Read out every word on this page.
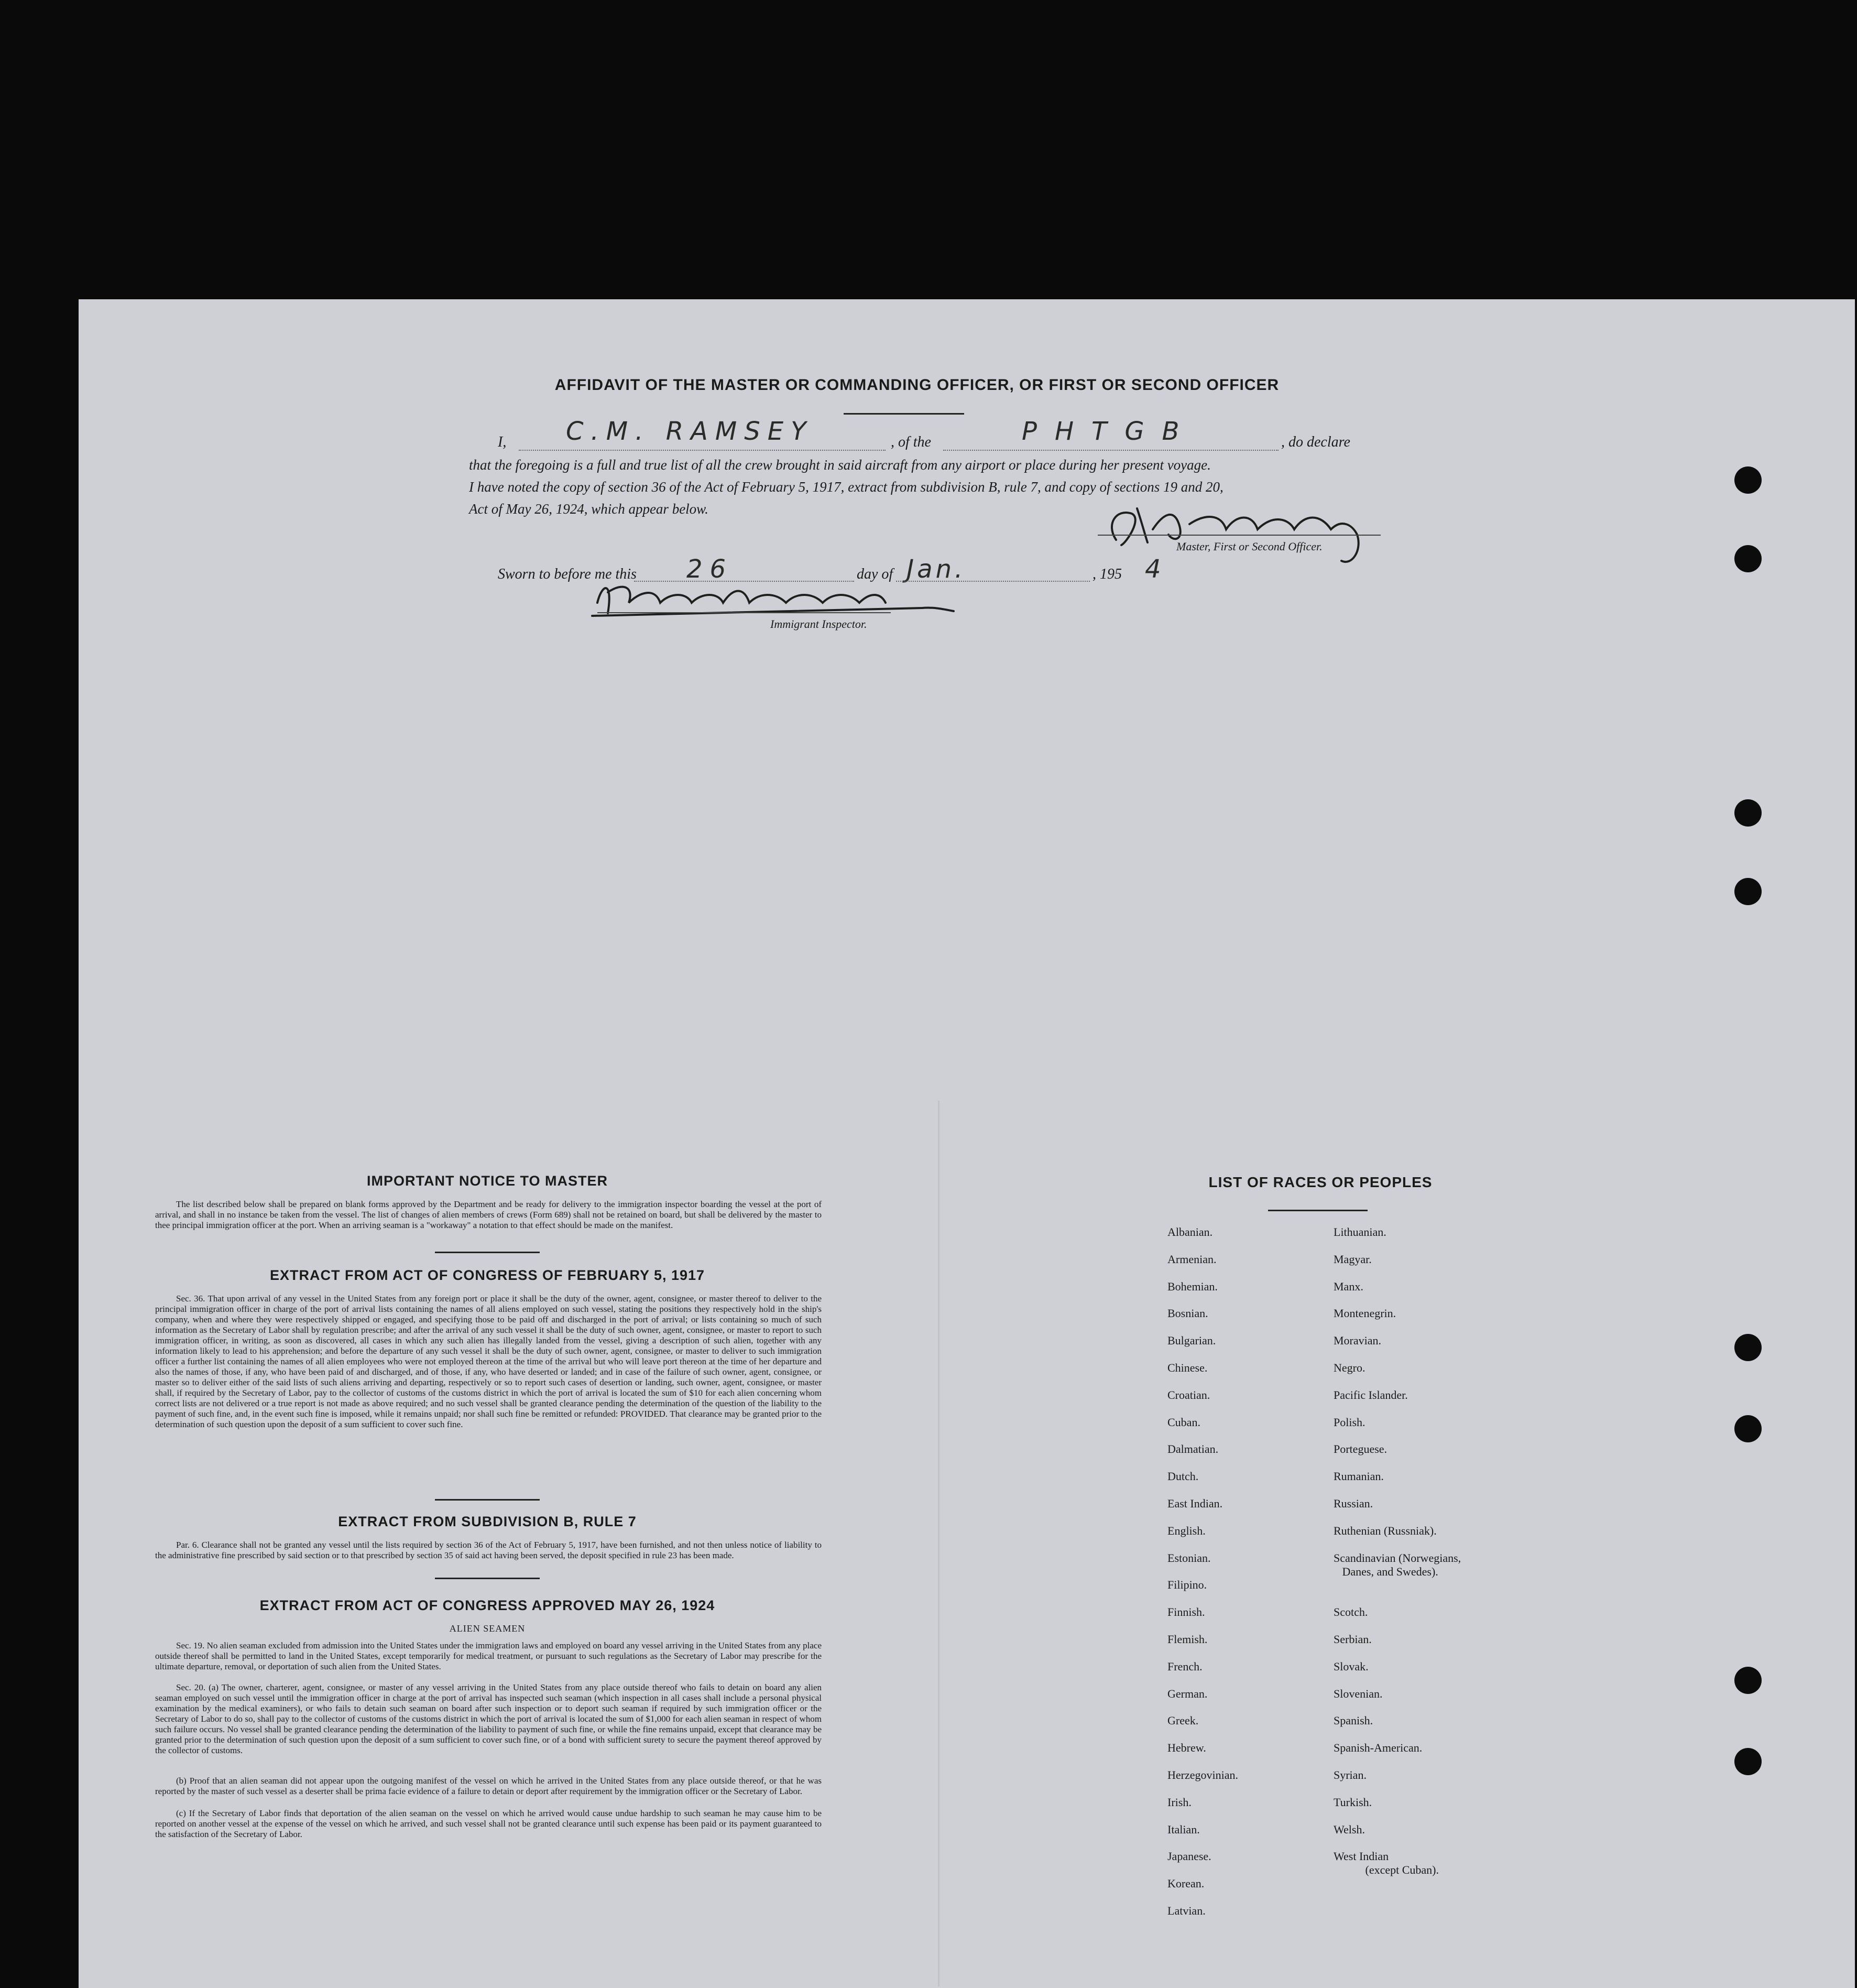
AFFIDAVIT OF THE MASTER OR COMMANDING OFFICER, OR FIRST OR SECOND OFFICER
I, C.M. RAMSEY	, of the	PHTGB	, do declare
that the foregoing is a full and true list of all the crew brought in said aircraft from any airport or place during her present voyage.
I have noted the copy of section 36 of the Act of February 5, 1917, extract from subdivision B, rule 7, and copy of sections 19 and 20,
Act of May 26, 1924, which appear below.
Master, First or Second Officer.
Sworn to before me this 26	day of Jan.	, 195 4
Immigrant Inspector.
IMPORTANT NOTICE TO MASTER
The list described below shall be prepared on blank forms approved by the Department and be ready for delivery to the immigration inspector boarding the vessel at the port of arrival, and shall in no instance be taken from the vessel. The list of changes of alien members of crews (Form 689) shall not be retained on board, but shall be delivered by the master to thee principal immigration officer at the port. When an arriving seaman is a "workaway" a notation to that effect should be made on the manifest.
EXTRACT FROM ACT OF CONGRESS OF FEBRUARY 5, 1917
Sec. 36. That upon arrival of any vessel in the United States from any foreign port or place it shall be the duty of the owner, agent, consignee, or master thereof to deliver to the principal immigration officer in charge of the port of arrival lists containing the names of all aliens employed on such vessel, stating the positions they respectively hold in the ship's company, when and where they were respectively shipped or engaged, and specifying those to be paid off and discharged in the port of arrival; or lists containing so much of such information as the Secretary of Labor shall by regulation prescribe; and after the arrival of any such vessel it shall be the duty of such owner, agent, consignee, or master to report to such immigration officer, in writing, as soon as discovered, all cases in which any such alien has illegally landed from the vessel, giving a description of such alien, together with any information likely to lead to his apprehension; and before the departure of any such vessel it shall be the duty of such owner, agent, consignee, or master to deliver to such immigration officer a further list containing the names of all alien employees who were not employed thereon at the time of the arrival but who will leave port thereon at the time of her departure and also the names of those, if any, who have been paid of and discharged, and of those, if any, who have deserted or landed; and in case of the failure of such owner, agent, consignee, or master so to deliver either of the said lists of such aliens arriving and departing, respectively or so to report such cases of desertion or landing, such owner, agent, consignee, or master shall, if required by the Secretary of Labor, pay to the collector of customs of the customs district in which the port of arrival is located the sum of $10 for each alien concerning whom correct lists are not delivered or a true report is not made as above required; and no such vessel shall be granted clearance pending the determination of the question of the liability to the payment of such fine, and, in the event such fine is imposed, while it remains unpaid; nor shall such fine be remitted or refunded: PROVIDED. That clearance may be granted prior to the determination of such question upon the deposit of a sum sufficient to cover such fine.
EXTRACT FROM SUBDIVISION B, RULE 7
Par. 6. Clearance shall not be granted any vessel until the lists required by section 36 of the Act of February 5, 1917, have been furnished, and not then unless notice of liability to the administrative fine prescribed by said section or to that prescribed by section 35 of said act having been served, the deposit specified in rule 23 has been made.
EXTRACT FROM ACT OF CONGRESS APPROVED MAY 26, 1924
ALIEN SEAMEN
Sec. 19. No alien seaman excluded from admission into the United States under the immigration laws and employed on board any vessel arriving in the United States from any place outside thereof shall be permitted to land in the United States, except temporarily for medical treatment, or pursuant to such regulations as the Secretary of Labor may prescribe for the ultimate departure, removal, or deportation of such alien from the United States.
Sec. 20. (a) The owner, charterer, agent, consignee, or master of any vessel arriving in the United States from any place outside thereof who fails to detain on board any alien seaman employed on such vessel until the immigration officer in charge at the port of arrival has inspected such seaman (which inspection in all cases shall include a personal physical examination by the medical examiners), or who fails to detain such seaman on board after such inspection or to deport such seaman if required by such immigration officer or the Secretary of Labor to do so, shall pay to the collector of customs of the customs district in which the port of arrival is located the sum of $1,000 for each alien seaman in respect of whom such failure occurs. No vessel shall be granted clearance pending the determination of the liability to payment of such fine, or while the fine remains unpaid, except that clearance may be granted prior to the determination of such question upon the deposit of a sum sufficient to cover such fine, or of a bond with sufficient surety to secure the payment thereof approved by the collector of customs.
(b) Proof that an alien seaman did not appear upon the outgoing manifest of the vessel on which he arrived in the United States from any place outside thereof, or that he was reported by the master of such vessel as a deserter shall be prima facie evidence of a failure to detain or deport after requirement by the immigration officer or the Secretary of Labor.
(c) If the Secretary of Labor finds that deportation of the alien seaman on the vessel on which he arrived would cause undue hardship to such seaman he may cause him to be reported on another vessel at the expense of the vessel on which he arrived, and such vessel shall not be granted clearance until such expense has been paid or its payment guaranteed to the satisfaction of the Secretary of Labor.
LIST OF RACES OR PEOPLES
Albanian.
Armenian.
Bohemian.
Bosnian.
Bulgarian.
Chinese.
Croatian.
Cuban.
Dalmatian.
Dutch.
East Indian.
English.
Estonian.
Filipino.
Finnish.
Flemish.
French.
German.
Greek.
Hebrew.
Herzegovinian.
Irish.
Italian.
Japanese.
Korean.
Latvian.
Lithuanian.
Magyar.
Manx.
Montenegrin.
Moravian.
Negro.
Pacific Islander.
Polish.
Porteguese.
Rumanian.
Russian.
Ruthenian (Russniak).
Scandinavian (Norwegians,
Danes, and Swedes).
Scotch.
Serbian.
Slovak.
Slovenian.
Spanish.
Spanish-American.
Syrian.
Turkish.
Welsh.
West Indian
(except Cuban).
